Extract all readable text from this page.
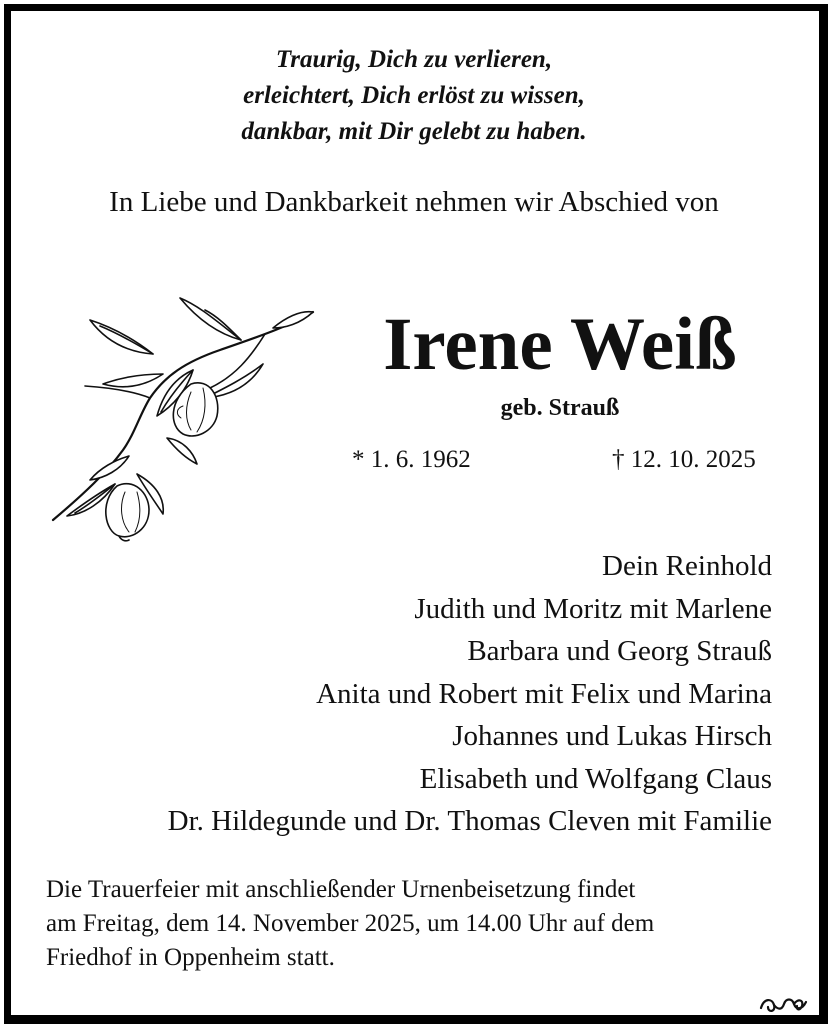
Traurig, Dich zu verlieren,
erleichtert, Dich erlöst zu wissen,
dankbar, mit Dir gelebt zu haben.
In Liebe und Dankbarkeit nehmen wir Abschied von
Irene Weiß
geb. Strauß
* 1. 6. 1962	† 12. 10. 2025
Dein Reinhold
Judith und Moritz mit Marlene
Barbara und Georg Strauß
Anita und Robert mit Felix und Marina
Johannes und Lukas Hirsch
Elisabeth und Wolfgang Claus
Dr. Hildegunde und Dr. Thomas Cleven mit Familie
Die Trauerfeier mit anschließender Urnenbeisetzung findet
am Freitag, dem 14. November 2025, um 14.00 Uhr auf dem
Friedhof in Oppenheim statt.
